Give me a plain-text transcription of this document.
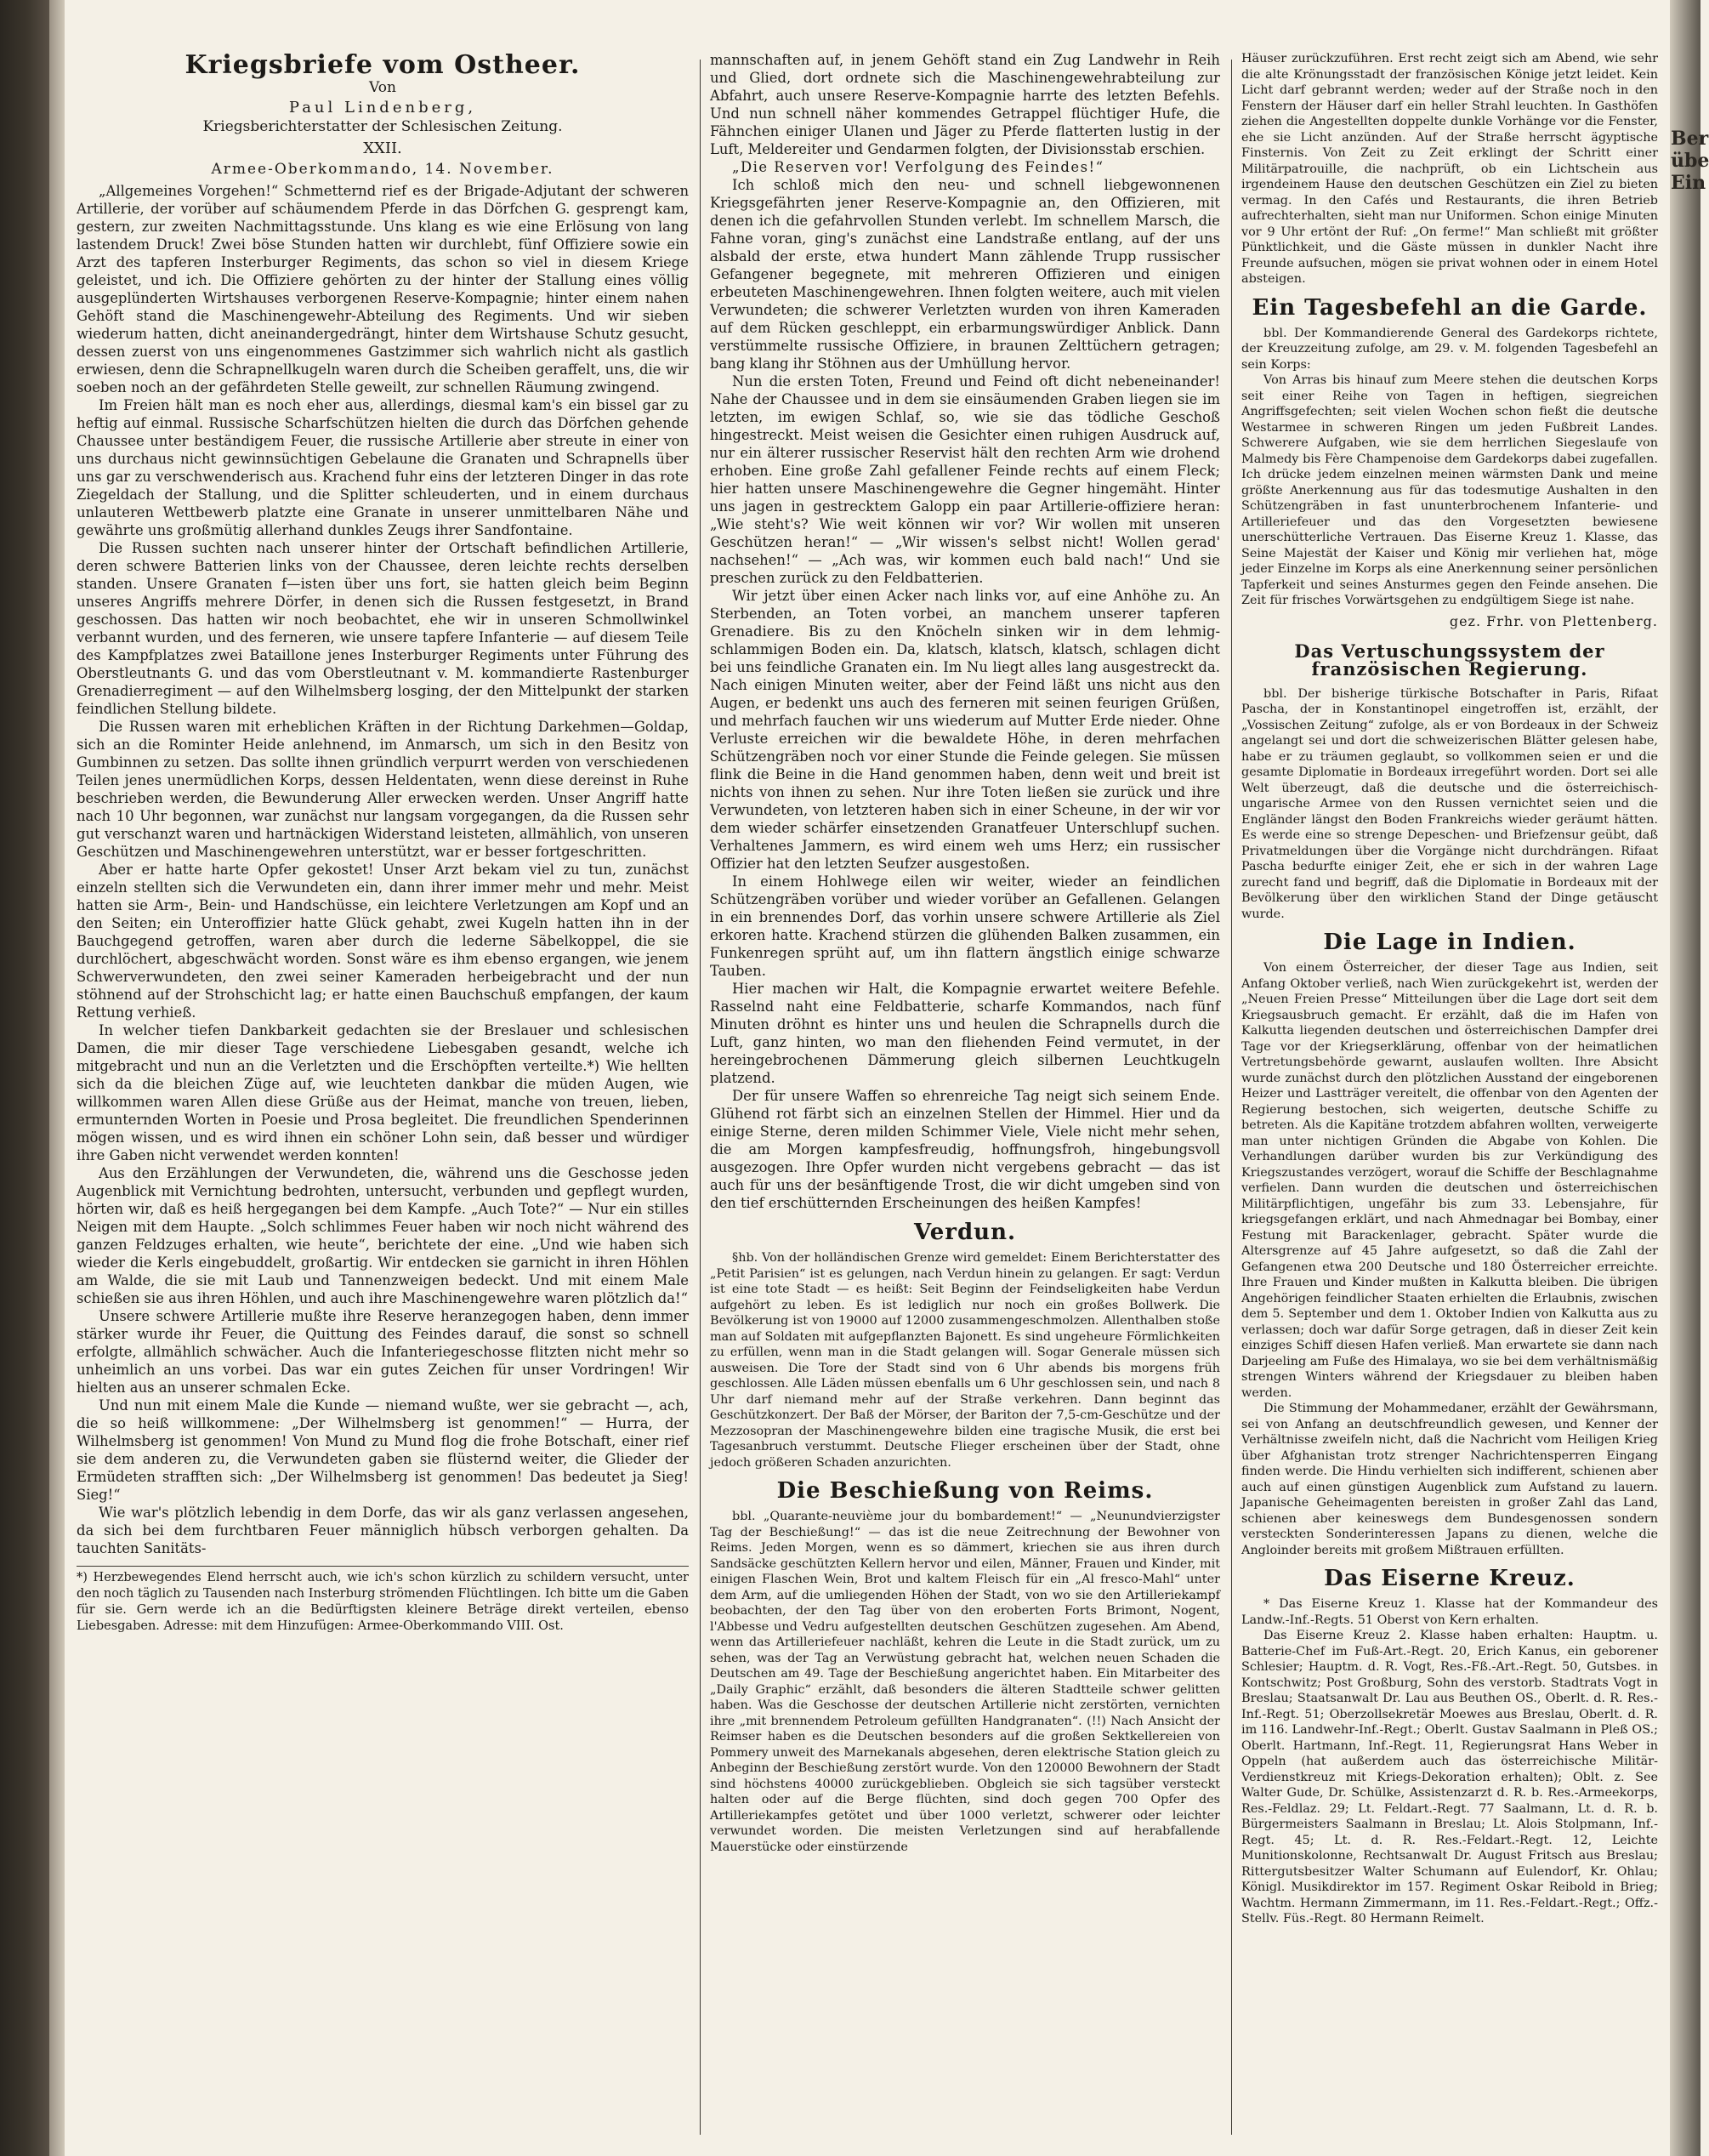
Ber
übe
Ein
Kriegsbriefe vom Ostheer.
Von
Paul Lindenberg,
Kriegsberichterstatter der Schlesischen Zeitung.
XXII.
Armee-Oberkommando, 14. November.

„Allgemeines Vorgehen!“ Schmetternd rief es der Brigade-Adjutant der schweren Artillerie, der vorüber auf schäumendem Pferde in das Dörfchen G. gesprengt kam, gestern, zur zweiten Nachmittagsstunde. Uns klang es wie eine Erlösung von lang lastendem Druck! Zwei böse Stunden hatten wir durchlebt, fünf Offiziere sowie ein Arzt des tapferen Insterburger Regiments, das schon so viel in diesem Kriege geleistet, und ich. Die Offiziere gehörten zu der hinter der Stallung eines völlig ausgeplünderten Wirtshauses verborgenen Reserve-Kompagnie; hinter einem nahen Gehöft stand die Maschinengewehr-Abteilung des Regiments. Und wir sieben wiederum hatten, dicht aneinandergedrängt, hinter dem Wirtshause Schutz gesucht, dessen zuerst von uns eingenommenes Gastzimmer sich wahrlich nicht als gastlich erwiesen, denn die Schrapnellkugeln waren durch die Scheiben geraffelt, uns, die wir soeben noch an der gefährdeten Stelle geweilt, zur schnellen Räumung zwingend.

Im Freien hält man es noch eher aus, allerdings, diesmal kam's ein bissel gar zu heftig auf einmal. Russische Scharfschützen hielten die durch das Dörfchen gehende Chaussee unter beständigem Feuer, die russische Artillerie aber streute in einer von uns durchaus nicht gewinnsüchtigen Gebelaune die Granaten und Schrapnells über uns gar zu verschwenderisch aus. Krachend fuhr eins der letzteren Dinger in das rote Ziegeldach der Stallung, und die Splitter schleuderten, und in einem durchaus unlauteren Wettbewerb platzte eine Granate in unserer unmittelbaren Nähe und gewährte uns großmütig allerhand dunkles Zeugs ihrer Sandfontaine.

Die Russen suchten nach unserer hinter der Ortschaft befindlichen Artillerie, deren schwere Batterien links von der Chaussee, deren leichte rechts derselben standen. Unsere Granaten f—isten über uns fort, sie hatten gleich beim Beginn unseres Angriffs mehrere Dörfer, in denen sich die Russen festgesetzt, in Brand geschossen. Das hatten wir noch beobachtet, ehe wir in unseren Schmollwinkel verbannt wurden, und des ferneren, wie unsere tapfere Infanterie — auf diesem Teile des Kampfplatzes zwei Bataillone jenes Insterburger Regiments unter Führung des Oberstleutnants G. und das vom Oberstleutnant v. M. kommandierte Rastenburger Grenadierregiment — auf den Wilhelmsberg losging, der den Mittelpunkt der starken feindlichen Stellung bildete.

Die Russen waren mit erheblichen Kräften in der Richtung Darkehmen—Goldap, sich an die Rominter Heide anlehnend, im Anmarsch, um sich in den Besitz von Gumbinnen zu setzen. Das sollte ihnen gründlich verpurrt werden von verschiedenen Teilen jenes unermüdlichen Korps, dessen Heldentaten, wenn diese dereinst in Ruhe beschrieben werden, die Bewunderung Aller erwecken werden. Unser Angriff hatte nach 10 Uhr begonnen, war zunächst nur langsam vorgegangen, da die Russen sehr gut verschanzt waren und hartnäckigen Widerstand leisteten, allmählich, von unseren Geschützen und Maschinengewehren unterstützt, war er besser fortgeschritten.

Aber er hatte harte Opfer gekostet! Unser Arzt bekam viel zu tun, zunächst einzeln stellten sich die Verwundeten ein, dann ihrer immer mehr und mehr. Meist hatten sie Arm-, Bein- und Handschüsse, ein leichtere Verletzungen am Kopf und an den Seiten; ein Unteroffizier hatte Glück gehabt, zwei Kugeln hatten ihn in der Bauchgegend getroffen, waren aber durch die lederne Säbelkoppel, die sie durchlöchert, abgeschwächt worden. Sonst wäre es ihm ebenso ergangen, wie jenem Schwerverwundeten, den zwei seiner Kameraden herbeigebracht und der nun stöhnend auf der Strohschicht lag; er hatte einen Bauchschuß empfangen, der kaum Rettung verhieß.

In welcher tiefen Dankbarkeit gedachten sie der Breslauer und schlesischen Damen, die mir dieser Tage verschiedene Liebesgaben gesandt, welche ich mitgebracht und nun an die Verletzten und die Erschöpften verteilte.*) Wie hellten sich da die bleichen Züge auf, wie leuchteten dankbar die müden Augen, wie willkommen waren Allen diese Grüße aus der Heimat, manche von treuen, lieben, ermunternden Worten in Poesie und Prosa begleitet. Die freundlichen Spenderinnen mögen wissen, und es wird ihnen ein schöner Lohn sein, daß besser und würdiger ihre Gaben nicht verwendet werden konnten!

Aus den Erzählungen der Verwundeten, die, während uns die Geschosse jeden Augenblick mit Vernichtung bedrohten, untersucht, verbunden und gepflegt wurden, hörten wir, daß es heiß hergegangen bei dem Kampfe. „Auch Tote?“ — Nur ein stilles Neigen mit dem Haupte. „Solch schlimmes Feuer haben wir noch nicht während des ganzen Feldzuges erhalten, wie heute“, berichtete der eine. „Und wie haben sich wieder die Kerls eingebuddelt, großartig. Wir entdecken sie garnicht in ihren Höhlen am Walde, die sie mit Laub und Tannenzweigen bedeckt. Und mit einem Male schießen sie aus ihren Höhlen, und auch ihre Maschinengewehre waren plötzlich da!“

Unsere schwere Artillerie mußte ihre Reserve heranzegogen haben, denn immer stärker wurde ihr Feuer, die Quittung des Feindes darauf, die sonst so schnell erfolgte, allmählich schwächer. Auch die Infanteriegeschosse flitzten nicht mehr so unheimlich an uns vorbei. Das war ein gutes Zeichen für unser Vordringen! Wir hielten aus an unserer schmalen Ecke.

Und nun mit einem Male die Kunde — niemand wußte, wer sie gebracht —, ach, die so heiß willkommene: „Der Wilhelmsberg ist genommen!“ — Hurra, der Wilhelmsberg ist genommen! Von Mund zu Mund flog die frohe Botschaft, einer rief sie dem anderen zu, die Verwundeten gaben sie flüsternd weiter, die Glieder der Ermüdeten strafften sich: „Der Wilhelmsberg ist genommen! Das bedeutet ja Sieg! Sieg!“

Wie war's plötzlich lebendig in dem Dorfe, das wir als ganz verlassen angesehen, da sich bei dem furchtbaren Feuer männiglich hübsch verborgen gehalten. Da tauchten Sanitäts-

*) Herzbewegendes Elend herrscht auch, wie ich's schon kürzlich zu schildern versucht, unter den noch täglich zu Tausenden nach Insterburg strömenden Flüchtlingen. Ich bitte um die Gaben für sie. Gern werde ich an die Bedürftigsten kleinere Beträge direkt verteilen, ebenso Liebesgaben. Adresse: mit dem Hinzufügen: Armee-Oberkommando VIII. Ost.

mannschaften auf, in jenem Gehöft stand ein Zug Landwehr in Reih und Glied, dort ordnete sich die Maschinengewehrabteilung zur Abfahrt, auch unsere Reserve-Kompagnie harrte des letzten Befehls. Und nun schnell näher kommendes Getrappel flüchtiger Hufe, die Fähnchen einiger Ulanen und Jäger zu Pferde flatterten lustig in der Luft, Meldereiter und Gendarmen folgten, der Divisionsstab erschien.

„Die Reserven vor! Verfolgung des Feindes!“

Ich schloß mich den neu- und schnell liebgewonnenen Kriegsgefährten jener Reserve-Kompagnie an, den Offizieren, mit denen ich die gefahrvollen Stunden verlebt. Im schnellem Marsch, die Fahne voran, ging's zunächst eine Landstraße entlang, auf der uns alsbald der erste, etwa hundert Mann zählende Trupp russischer Gefangener begegnete, mit mehreren Offizieren und einigen erbeuteten Maschinengewehren. Ihnen folgten weitere, auch mit vielen Verwundeten; die schwerer Verletzten wurden von ihren Kameraden auf dem Rücken geschleppt, ein erbarmungswürdiger Anblick. Dann verstümmelte russische Offiziere, in braunen Zelttüchern getragen; bang klang ihr Stöhnen aus der Umhüllung hervor.

Nun die ersten Toten, Freund und Feind oft dicht nebeneinander! Nahe der Chaussee und in dem sie einsäumenden Graben liegen sie im letzten, im ewigen Schlaf, so, wie sie das tödliche Geschoß hingestreckt. Meist weisen die Gesichter einen ruhigen Ausdruck auf, nur ein älterer russischer Reservist hält den rechten Arm wie drohend erhoben. Eine große Zahl gefallener Feinde rechts auf einem Fleck; hier hatten unsere Maschinengewehre die Gegner hingemäht. Hinter uns jagen in gestrecktem Galopp ein paar Artillerie-offiziere heran: „Wie steht's? Wie weit können wir vor? Wir wollen mit unseren Geschützen heran!“ — „Wir wissen's selbst nicht! Wollen gerad' nachsehen!“ — „Ach was, wir kommen euch bald nach!“ Und sie preschen zurück zu den Feldbatterien.

Wir jetzt über einen Acker nach links vor, auf eine Anhöhe zu. An Sterbenden, an Toten vorbei, an manchem unserer tapferen Grenadiere. Bis zu den Knöcheln sinken wir in dem lehmig-schlammigen Boden ein. Da, klatsch, klatsch, klatsch, schlagen dicht bei uns feindliche Granaten ein. Im Nu liegt alles lang ausgestreckt da. Nach einigen Minuten weiter, aber der Feind läßt uns nicht aus den Augen, er bedenkt uns auch des ferneren mit seinen feurigen Grüßen, und mehrfach fauchen wir uns wiederum auf Mutter Erde nieder. Ohne Verluste erreichen wir die bewaldete Höhe, in deren mehrfachen Schützengräben noch vor einer Stunde die Feinde gelegen. Sie müssen flink die Beine in die Hand genommen haben, denn weit und breit ist nichts von ihnen zu sehen. Nur ihre Toten ließen sie zurück und ihre Verwundeten, von letzteren haben sich in einer Scheune, in der wir vor dem wieder schärfer einsetzenden Granatfeuer Unterschlupf suchen. Verhaltenes Jammern, es wird einem weh ums Herz; ein russischer Offizier hat den letzten Seufzer ausgestoßen.

In einem Hohlwege eilen wir weiter, wieder an feindlichen Schützengräben vorüber und wieder vorüber an Gefallenen. Gelangen in ein brennendes Dorf, das vorhin unsere schwere Artillerie als Ziel erkoren hatte. Krachend stürzen die glühenden Balken zusammen, ein Funkenregen sprüht auf, um ihn flattern ängstlich einige schwarze Tauben.

Hier machen wir Halt, die Kompagnie erwartet weitere Befehle. Rasselnd naht eine Feldbatterie, scharfe Kommandos, nach fünf Minuten dröhnt es hinter uns und heulen die Schrapnells durch die Luft, ganz hinten, wo man den fliehenden Feind vermutet, in der hereingebrochenen Dämmerung gleich silbernen Leuchtkugeln platzend.

Der für unsere Waffen so ehrenreiche Tag neigt sich seinem Ende. Glühend rot färbt sich an einzelnen Stellen der Himmel. Hier und da einige Sterne, deren milden Schimmer Viele, Viele nicht mehr sehen, die am Morgen kampfesfreudig, hoffnungsfroh, hingebungsvoll ausgezogen. Ihre Opfer wurden nicht vergebens gebracht — das ist auch für uns der besänftigende Trost, die wir dicht umgeben sind von den tief erschütternden Erscheinungen des heißen Kampfes!

Verdun.

§hb. Von der holländischen Grenze wird gemeldet: Einem Berichterstatter des „Petit Parisien“ ist es gelungen, nach Verdun hinein zu gelangen. Er sagt: Verdun ist eine tote Stadt — es heißt: Seit Beginn der Feindseligkeiten habe Verdun aufgehört zu leben. Es ist lediglich nur noch ein großes Bollwerk. Die Bevölkerung ist von 19000 auf 12000 zusammengeschmolzen. Allenthalben stoße man auf Soldaten mit aufgepflanzten Bajonett. Es sind ungeheure Förmlichkeiten zu erfüllen, wenn man in die Stadt gelangen will. Sogar Generale müssen sich ausweisen. Die Tore der Stadt sind von 6 Uhr abends bis morgens früh geschlossen. Alle Läden müssen ebenfalls um 6 Uhr geschlossen sein, und nach 8 Uhr darf niemand mehr auf der Straße verkehren. Dann beginnt das Geschützkonzert. Der Baß der Mörser, der Bariton der 7,5-cm-Geschütze und der Mezzosopran der Maschinengewehre bilden eine tragische Musik, die erst bei Tagesanbruch verstummt. Deutsche Flieger erscheinen über der Stadt, ohne jedoch größeren Schaden anzurichten.

Die Beschießung von Reims.

bbl. „Quarante-neuvième jour du bombardement!“ — „Neunundvierzigster Tag der Beschießung!“ — das ist die neue Zeitrechnung der Bewohner von Reims. Jeden Morgen, wenn es so dämmert, kriechen sie aus ihren durch Sandsäcke geschützten Kellern hervor und eilen, Männer, Frauen und Kinder, mit einigen Flaschen Wein, Brot und kaltem Fleisch für ein „Al fresco-Mahl“ unter dem Arm, auf die umliegenden Höhen der Stadt, von wo sie den Artilleriekampf beobachten, der den Tag über von den eroberten Forts Brimont, Nogent, l'Abbesse und Vedru aufgestellten deutschen Geschützen zugesehen. Am Abend, wenn das Artilleriefeuer nachläßt, kehren die Leute in die Stadt zurück, um zu sehen, was der Tag an Verwüstung gebracht hat, welchen neuen Schaden die Deutschen am 49. Tage der Beschießung angerichtet haben. Ein Mitarbeiter des „Daily Graphic“ erzählt, daß besonders die älteren Stadtteile schwer gelitten haben. Was die Geschosse der deutschen Artillerie nicht zerstörten, vernichten ihre „mit brennendem Petroleum gefüllten Handgranaten“. (!!) Nach Ansicht der Reimser haben es die Deutschen besonders auf die großen Sektkellereien von Pommery unweit des Marnekanals abgesehen, deren elektrische Station gleich zu Anbeginn der Beschießung zerstört wurde. Von den 120000 Bewohnern der Stadt sind höchstens 40000 zurückgeblieben. Obgleich sie sich tagsüber versteckt halten oder auf die Berge flüchten, sind doch gegen 700 Opfer des Artilleriekampfes getötet und über 1000 verletzt, schwerer oder leichter verwundet worden. Die meisten Verletzungen sind auf herabfallende Mauerstücke oder einstürzende

Häuser zurückzuführen. Erst recht zeigt sich am Abend, wie sehr die alte Krönungsstadt der französischen Könige jetzt leidet. Kein Licht darf gebrannt werden; weder auf der Straße noch in den Fenstern der Häuser darf ein heller Strahl leuchten. In Gasthöfen ziehen die Angestellten doppelte dunkle Vorhänge vor die Fenster, ehe sie Licht anzünden. Auf der Straße herrscht ägyptische Finsternis. Von Zeit zu Zeit erklingt der Schritt einer Militärpatrouille, die nachprüft, ob ein Lichtschein aus irgendeinem Hause den deutschen Geschützen ein Ziel zu bieten vermag. In den Cafés und Restaurants, die ihren Betrieb aufrechterhalten, sieht man nur Uniformen. Schon einige Minuten vor 9 Uhr ertönt der Ruf: „On ferme!“ Man schließt mit größter Pünktlichkeit, und die Gäste müssen in dunkler Nacht ihre Freunde aufsuchen, mögen sie privat wohnen oder in einem Hotel absteigen.

Ein Tagesbefehl an die Garde.

bbl. Der Kommandierende General des Gardekorps richtete, der Kreuzzeitung zufolge, am 29. v. M. folgenden Tagesbefehl an sein Korps:

Von Arras bis hinauf zum Meere stehen die deutschen Korps seit einer Reihe von Tagen in heftigen, siegreichen Angriffsgefechten; seit vielen Wochen schon fießt die deutsche Westarmee in schweren Ringen um jeden Fußbreit Landes. Schwerere Aufgaben, wie sie dem herrlichen Siegeslaufe von Malmedy bis Fère Champenoise dem Gardekorps dabei zugefallen. Ich drücke jedem einzelnen meinen wärmsten Dank und meine größte Anerkennung aus für das todesmutige Aushalten in den Schützengräben in fast ununterbrochenem Infanterie- und Artilleriefeuer und das den Vorgesetzten bewiesene unerschütterliche Vertrauen. Das Eiserne Kreuz 1. Klasse, das Seine Majestät der Kaiser und König mir verliehen hat, möge jeder Einzelne im Korps als eine Anerkennung seiner persönlichen Tapferkeit und seines Ansturmes gegen den Feinde ansehen. Die Zeit für frisches Vorwärtsgehen zu endgültigem Siege ist nahe.

gez. Frhr. von Plettenberg.
Das Vertuschungssystem der französischen Regierung.

bbl. Der bisherige türkische Botschafter in Paris, Rifaat Pascha, der in Konstantinopel eingetroffen ist, erzählt, der „Vossischen Zeitung“ zufolge, als er von Bordeaux in der Schweiz angelangt sei und dort die schweizerischen Blätter gelesen habe, habe er zu träumen geglaubt, so vollkommen seien er und die gesamte Diplomatie in Bordeaux irregeführt worden. Dort sei alle Welt überzeugt, daß die deutsche und die österreichisch-ungarische Armee von den Russen vernichtet seien und die Engländer längst den Boden Frankreichs wieder geräumt hätten. Es werde eine so strenge Depeschen- und Briefzensur geübt, daß Privatmeldungen über die Vorgänge nicht durchdrängen. Rifaat Pascha bedurfte einiger Zeit, ehe er sich in der wahren Lage zurecht fand und begriff, daß die Diplomatie in Bordeaux mit der Bevölkerung über den wirklichen Stand der Dinge getäuscht wurde.

Die Lage in Indien.

Von einem Österreicher, der dieser Tage aus Indien, seit Anfang Oktober verließ, nach Wien zurückgekehrt ist, werden der „Neuen Freien Presse“ Mitteilungen über die Lage dort seit dem Kriegsausbruch gemacht. Er erzählt, daß die im Hafen von Kalkutta liegenden deutschen und österreichischen Dampfer drei Tage vor der Kriegserklärung, offenbar von der heimatlichen Vertretungsbehörde gewarnt, auslaufen wollten. Ihre Absicht wurde zunächst durch den plötzlichen Ausstand der eingeborenen Heizer und Lastträger vereitelt, die offenbar von den Agenten der Regierung bestochen, sich weigerten, deutsche Schiffe zu betreten. Als die Kapitäne trotzdem abfahren wollten, verweigerte man unter nichtigen Gründen die Abgabe von Kohlen. Die Verhandlungen darüber wurden bis zur Verkündigung des Kriegszustandes verzögert, worauf die Schiffe der Beschlagnahme verfielen. Dann wurden die deutschen und österreichischen Militärpflichtigen, ungefähr bis zum 33. Lebensjahre, für kriegsgefangen erklärt, und nach Ahmednagar bei Bombay, einer Festung mit Barackenlager, gebracht. Später wurde die Altersgrenze auf 45 Jahre aufgesetzt, so daß die Zahl der Gefangenen etwa 200 Deutsche und 180 Österreicher erreichte. Ihre Frauen und Kinder mußten in Kalkutta bleiben. Die übrigen Angehörigen feindlicher Staaten erhielten die Erlaubnis, zwischen dem 5. September und dem 1. Oktober Indien von Kalkutta aus zu verlassen; doch war dafür Sorge getragen, daß in dieser Zeit kein einziges Schiff diesen Hafen verließ. Man erwartete sie dann nach Darjeeling am Fuße des Himalaya, wo sie bei dem verhältnismäßig strengen Winters während der Kriegsdauer zu bleiben haben werden.

Die Stimmung der Mohammedaner, erzählt der Gewährsmann, sei von Anfang an deutschfreundlich gewesen, und Kenner der Verhältnisse zweifeln nicht, daß die Nachricht vom Heiligen Krieg über Afghanistan trotz strenger Nachrichtensperren Eingang finden werde. Die Hindu verhielten sich indifferent, schienen aber auch auf einen günstigen Augenblick zum Aufstand zu lauern. Japanische Geheimagenten bereisten in großer Zahl das Land, schienen aber keineswegs dem Bundesgenossen sondern versteckten Sonderinteressen Japans zu dienen, welche die Angloinder bereits mit großem Mißtrauen erfüllten.

Das Eiserne Kreuz.

* Das Eiserne Kreuz 1. Klasse hat der Kommandeur des Landw.-Inf.-Regts. 51 Oberst von Kern erhalten.

Das Eiserne Kreuz 2. Klasse haben erhalten: Hauptm. u. Batterie-Chef im Fuß-Art.-Regt. 20, Erich Kanus, ein geborener Schlesier; Hauptm. d. R. Vogt, Res.-Fß.-Art.-Regt. 50, Gutsbes. in Kontschwitz; Post Großburg, Sohn des verstorb. Stadtrats Vogt in Breslau; Staatsanwalt Dr. Lau aus Beuthen OS., Oberlt. d. R. Res.-Inf.-Regt. 51; Oberzollsekretär Moewes aus Breslau, Oberlt. d. R. im 116. Landwehr-Inf.-Regt.; Oberlt. Gustav Saalmann in Pleß OS.; Oberlt. Hartmann, Inf.-Regt. 11, Regierungsrat Hans Weber in Oppeln (hat außerdem auch das österreichische Militär-Verdienstkreuz mit Kriegs-Dekoration erhalten); Oblt. z. See Walter Gude, Dr. Schülke, Assistenzarzt d. R. b. Res.-Armeekorps, Res.-Feldlaz. 29; Lt. Feldart.-Regt. 77 Saalmann, Lt. d. R. b. Bürgermeisters Saalmann in Breslau; Lt. Alois Stolpmann, Inf.-Regt. 45; Lt. d. R. Res.-Feldart.-Regt. 12, Leichte Munitionskolonne, Rechtsanwalt Dr. August Fritsch aus Breslau; Rittergutsbesitzer Walter Schumann auf Eulendorf, Kr. Ohlau; Königl. Musikdirektor im 157. Regiment Oskar Reibold in Brieg; Wachtm. Hermann Zimmermann, im 11. Res.-Feldart.-Regt.; Offz.-Stellv. Füs.-Regt. 80 Hermann Reimelt.
